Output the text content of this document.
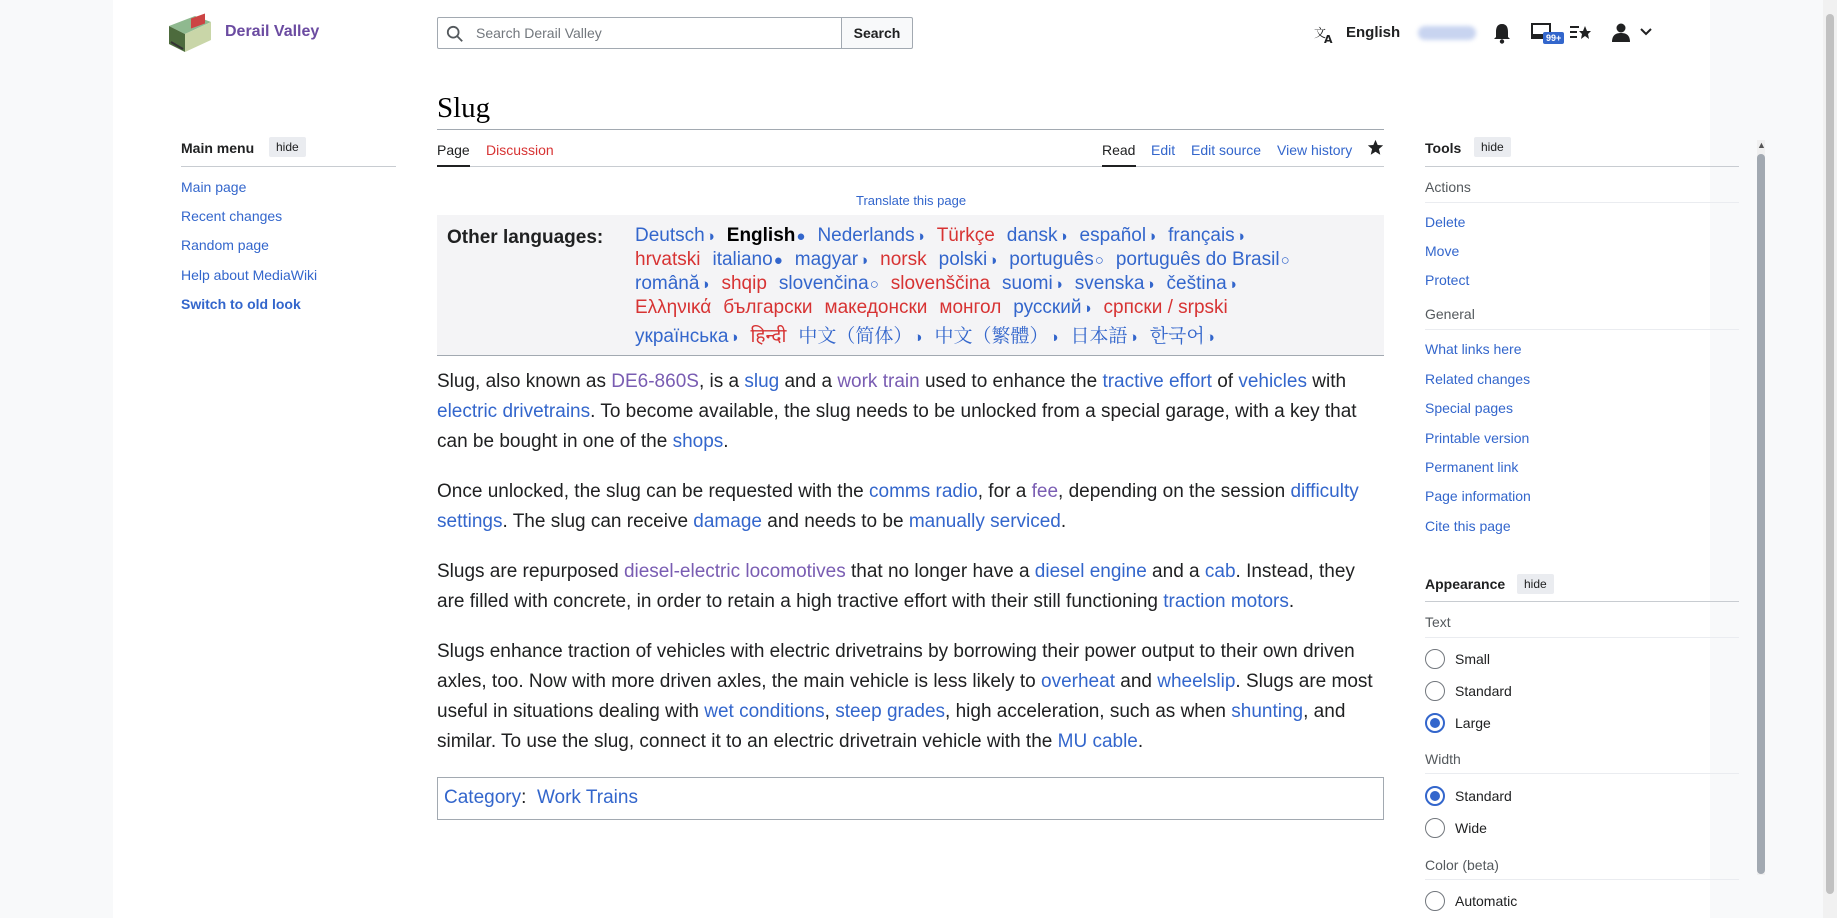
Derail Valley
Search Derail Valley	Search	文
A English	99+
Main menu	hide
Main page
Recent changes
Random page
Help about MediaWiki
Switch to old look
Slug
Page Discussion	Read Edit Edit source View history
Translate this page
Other languages: Deutsch◑ English● Nederlands◑ Türkçe dansk◑ español◑ français◑
hrvatski italiano● magyar◑ norsk polski◑ português○ português do Brasil○
română◑ shqip slovenčina○ slovenščina suomi◑ svenska◑ čeština◑
Ελληνικά български македонски монгол русский◑ српски / srpski
українська◑ हिन्दी 中文（简体）◑ 中文（繁體）◑ 日本語◑ 한국어◑
Slug, also known as DE6-860S, is a slug and a work train used to enhance the tractive effort of vehicles with electric drivetrains. To become available, the slug needs to be unlocked from a special garage, with a key that can be bought in one of the shops.
Once unlocked, the slug can be requested with the comms radio, for a fee, depending on the session difficulty settings. The slug can receive damage and needs to be manually serviced.
Slugs are repurposed diesel-electric locomotives that no longer have a diesel engine and a cab. Instead, they are filled with concrete, in order to retain a high tractive effort with their still functioning traction motors.
Slugs enhance traction of vehicles with electric drivetrains by borrowing their power output to their own driven axles, too. Now with more driven axles, the main vehicle is less likely to overheat and wheelslip. Slugs are most useful in situations dealing with wet conditions, steep grades, high acceleration, such as when shunting, and similar. To use the slug, connect it to an electric drivetrain vehicle with the MU cable.
Category:  Work Trains
Tools	hide
Actions
Delete
Move
Protect
General
What links here
Related changes
Special pages
Printable version
Permanent link
Page information
Cite this page
Appearance	hide
Text
Small
Standard
Large
Width
Standard
Wide
Color (beta)
Automatic
▲
